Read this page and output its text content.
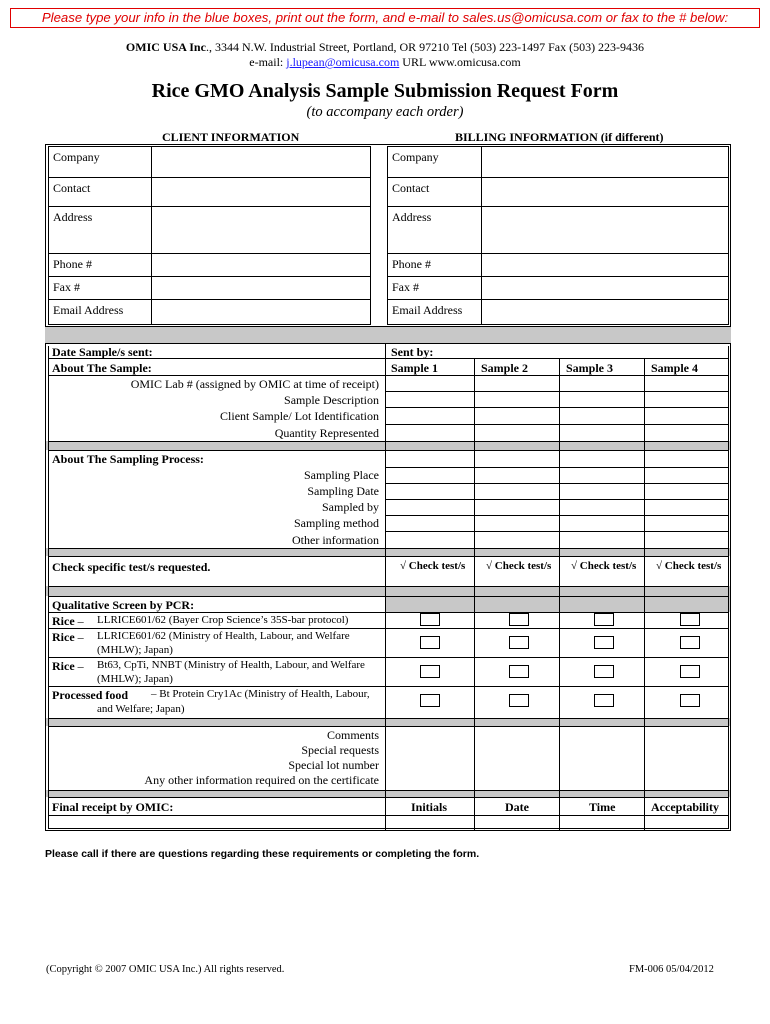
Please type your info in the blue boxes, print out the form, and e-mail to sales.us@omicusa.com or fax to the # below:
OMIC USA Inc., 3344 N.W. Industrial Street, Portland, OR 97210 Tel (503) 223-1497 Fax (503) 223-9436
e-mail: j.lupean@omicusa.com URL www.omicusa.com
Rice GMO Analysis Sample Submission Request Form
(to accompany each order)
CLIENT INFORMATION	BILLING INFORMATION (if different)
Company
Contact
Address
Phone #
Fax #
Email Address
Company
Contact
Address
Phone #
Fax #
Email Address
Date Sample/s sent:	Sent by:
About The Sample:	Sample 1	Sample 2	Sample 3	Sample 4
OMIC Lab # (assigned by OMIC at time of receipt)
Sample Description
Client Sample/ Lot Identification
Quantity Represented
About The Sampling Process:
Sampling Place
Sampling Date
Sampled by
Sampling method
Other information
Check specific test/s requested.	√ Check test/s √ Check test/s √ Check test/s √ Check test/s
Qualitative Screen by PCR:
Rice – LLRICE601/62 (Bayer Crop Science’s 35S-bar protocol)
Rice – LLRICE601/62 (Ministry of Health, Labour, and Welfare
(MHLW); Japan)
Rice – Bt63, CpTi, NNBT (Ministry of Health, Labour, and Welfare
(MHLW); Japan)
Processed food – Bt Protein Cry1Ac (Ministry of Health, Labour,
and Welfare; Japan)
Comments
Special requests
Special lot number
Any other information required on the certificate
Final receipt by OMIC:	Initials	Date	Time	Acceptability
Please call if there are questions regarding these requirements or completing the form.
(Copyright © 2007 OMIC USA Inc.) All rights reserved.	FM-006 05/04/2012
